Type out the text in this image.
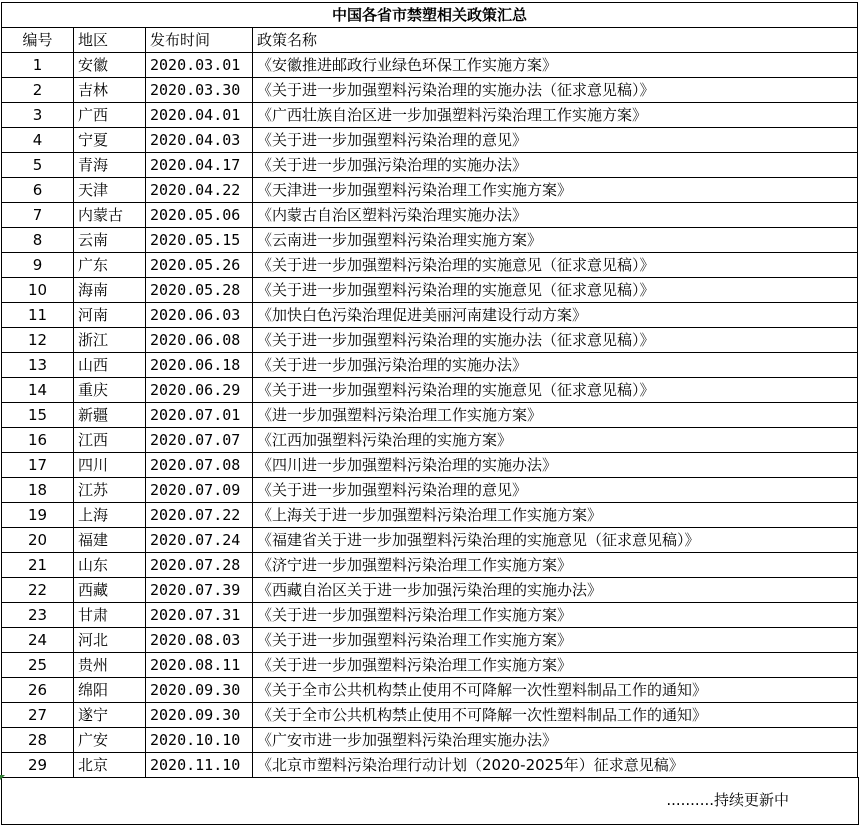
中国各省市禁塑相关政策汇总			
编号	地区	发布时间	政策名称
1	安徽	2020.03.01	《安徽推进邮政行业绿色环保工作实施方案》
2	吉林	2020.03.30	《关于进一步加强塑料污染治理的实施办法（征求意见稿）》
3	广西	2020.04.01	《广西壮族自治区进一步加强塑料污染治理工作实施方案》
4	宁夏	2020.04.03	《关于进一步加强塑料污染治理的意见》
5	青海	2020.04.17	《关于进一步加强污染治理的实施办法》
6	天津	2020.04.22	《天津进一步加强塑料污染治理工作实施方案》
7	内蒙古	2020.05.06	《内蒙古自治区塑料污染治理实施办法》
8	云南	2020.05.15	《云南进一步加强塑料污染治理实施方案》
9	广东	2020.05.26	《关于进一步加强塑料污染治理的实施意见（征求意见稿）》
10	海南	2020.05.28	《关于进一步加强塑料污染治理的实施意见（征求意见稿）》
11	河南	2020.06.03	《加快白色污染治理促进美丽河南建设行动方案》
12	浙江	2020.06.08	《关于进一步加强塑料污染治理的实施办法（征求意见稿）》
13	山西	2020.06.18	《关于进一步加强污染治理的实施办法》
14	重庆	2020.06.29	《关于进一步加强塑料污染治理的实施意见（征求意见稿）》
15	新疆	2020.07.01	《进一步加强塑料污染治理工作实施方案》
16	江西	2020.07.07	《江西加强塑料污染治理的实施方案》
17	四川	2020.07.08	《四川进一步加强塑料污染治理的实施办法》
18	江苏	2020.07.09	《关于进一步加强塑料污染治理的意见》
19	上海	2020.07.22	《上海关于进一步加强塑料污染治理工作实施方案》
20	福建	2020.07.24	《福建省关于进一步加强塑料污染治理的实施意见（征求意见稿）》
21	山东	2020.07.28	《济宁进一步加强塑料污染治理工作实施方案》
22	西藏	2020.07.39	《西藏自治区关于进一步加强污染治理的实施办法》
23	甘肃	2020.07.31	《关于进一步加强塑料污染治理工作实施方案》
24	河北	2020.08.03	《关于进一步加强塑料污染治理工作实施方案》
25	贵州	2020.08.11	《关于进一步加强塑料污染治理工作实施方案》
26	绵阳	2020.09.30	《关于全市公共机构禁止使用不可降解一次性塑料制品工作的通知》
27	遂宁	2020.09.30	《关于全市公共机构禁止使用不可降解一次性塑料制品工作的通知》
28	广安	2020.10.10	《广安市进一步加强塑料污染治理实施办法》
29	北京	2020.11.10	《北京市塑料污染治理行动计划（2020-2025年）征求意见稿》
..........持续更新中
